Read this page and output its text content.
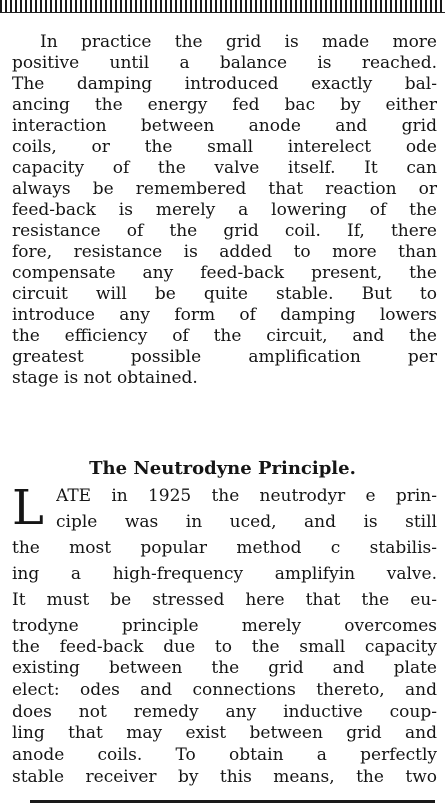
In practice the grid is made more
positive until a balance is reached.
The damping introduced exactly bal-
ancing the energy fed bac by either
interaction between anode and grid
coils, or the small interelect ode
capacity of the valve itself. It can
always be remembered that reaction or
feed-back is merely a lowering of the
resistance of the grid coil. If, there
fore, resistance is added to more than
compensate any feed-back present, the
circuit will be quite stable. But to
introduce any form of damping lowers
the efficiency of the circuit, and the
greatest possible amplification per
stage is not obtained.
The Neutrodyne Principle.
L ATE in 1925 the neutrodyr e prin-
ciple was in uced, and is still
the most popular method c stabilis-
ing a high-frequency amplifyin valve.
It must be stressed here that the eu-
trodyne principle merely overcomes
the feed-back due to the small capacity
existing between the grid and plate
elect: odes and connections thereto, and
does not remedy any inductive coup-
ling that may exist between grid and
anode coils. To obtain a perfectly
stable receiver by this means, the two
